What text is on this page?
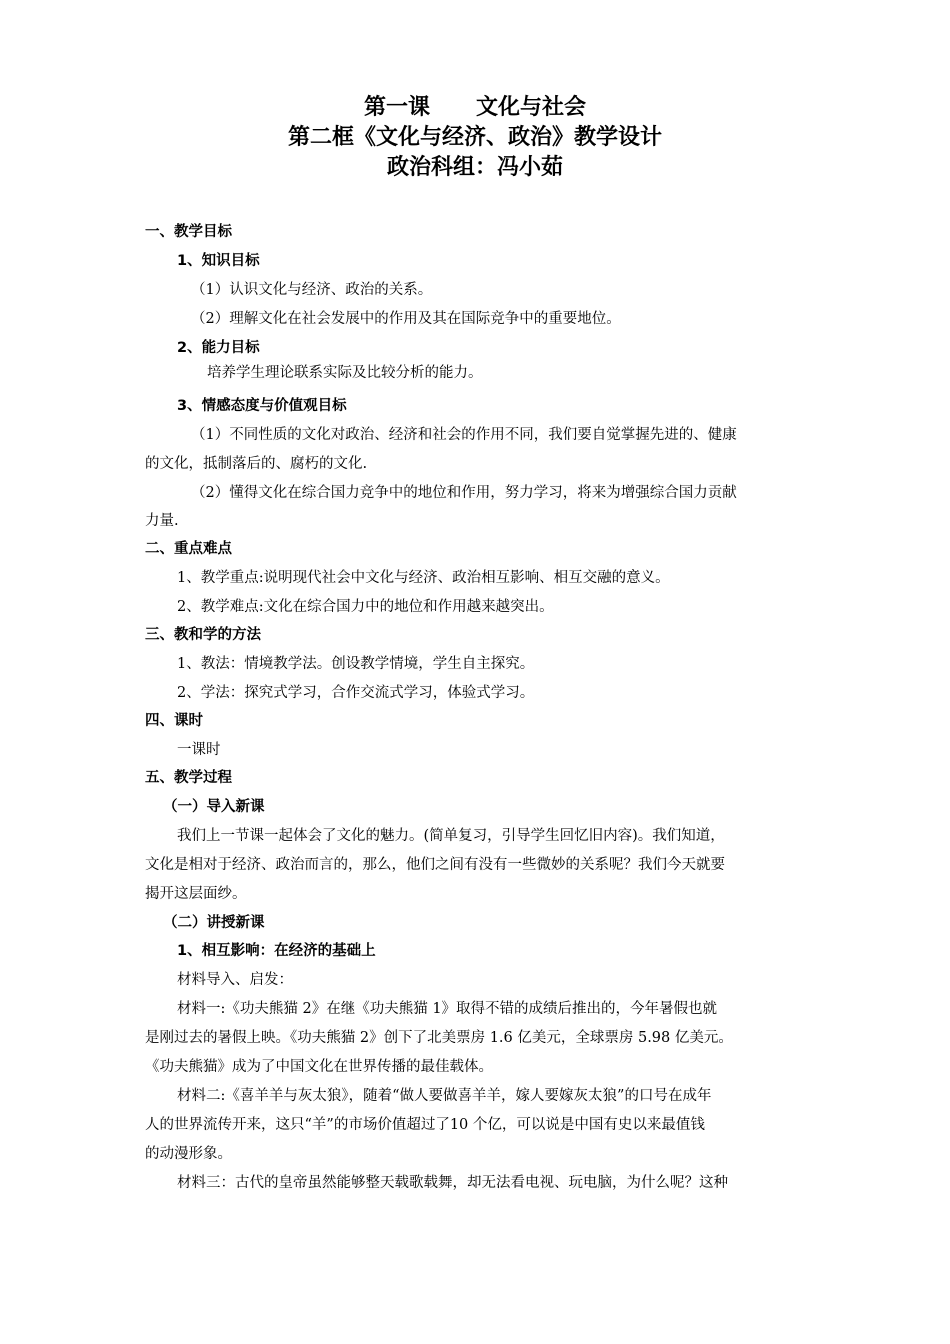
第一课      文化与社会
第二框《文化与经济、政治》教学设计
政治科组：冯小茹
一、教学目标
1、知识目标
（1）认识文化与经济、政治的关系。
（2）理解文化在社会发展中的作用及其在国际竞争中的重要地位。
2、能力目标
培养学生理论联系实际及比较分析的能力。
3、情感态度与价值观目标
（1）不同性质的文化对政治、经济和社会的作用不同，我们要自觉掌握先进的、健康
的文化，抵制落后的、腐朽的文化.
（2）懂得文化在综合国力竞争中的地位和作用，努力学习，将来为增强综合国力贡献
力量.
二、重点难点
1、教学重点:说明现代社会中文化与经济、政治相互影响、相互交融的意义。
2、教学难点:文化在综合国力中的地位和作用越来越突出。
三、教和学的方法
1、教法：情境教学法。创设教学情境，学生自主探究。
2、学法：探究式学习，合作交流式学习，体验式学习。
四、课时
一课时
五、教学过程
（一）导入新课
我们上一节课一起体会了文化的魅力。(简单复习，引导学生回忆旧内容)。我们知道，
文化是相对于经济、政治而言的，那么，他们之间有没有一些微妙的关系呢？我们今天就要
揭开这层面纱。
（二）讲授新课
1、相互影响：在经济的基础上
材料导入、启发：
材料一:《功夫熊猫 2》在继《功夫熊猫 1》取得不错的成绩后推出的，今年暑假也就
是刚过去的暑假上映。《功夫熊猫 2》创下了北美票房 1.6 亿美元，全球票房 5.98 亿美元。
《功夫熊猫》成为了中国文化在世界传播的最佳载体。
材料二:《喜羊羊与灰太狼》，随着“做人要做喜羊羊，嫁人要嫁灰太狼”的口号在成年
人的世界流传开来，这只“羊”的市场价值超过了10 个亿，可以说是中国有史以来最值钱
的动漫形象。
材料三：古代的皇帝虽然能够整天载歌载舞，却无法看电视、玩电脑，为什么呢？这种
